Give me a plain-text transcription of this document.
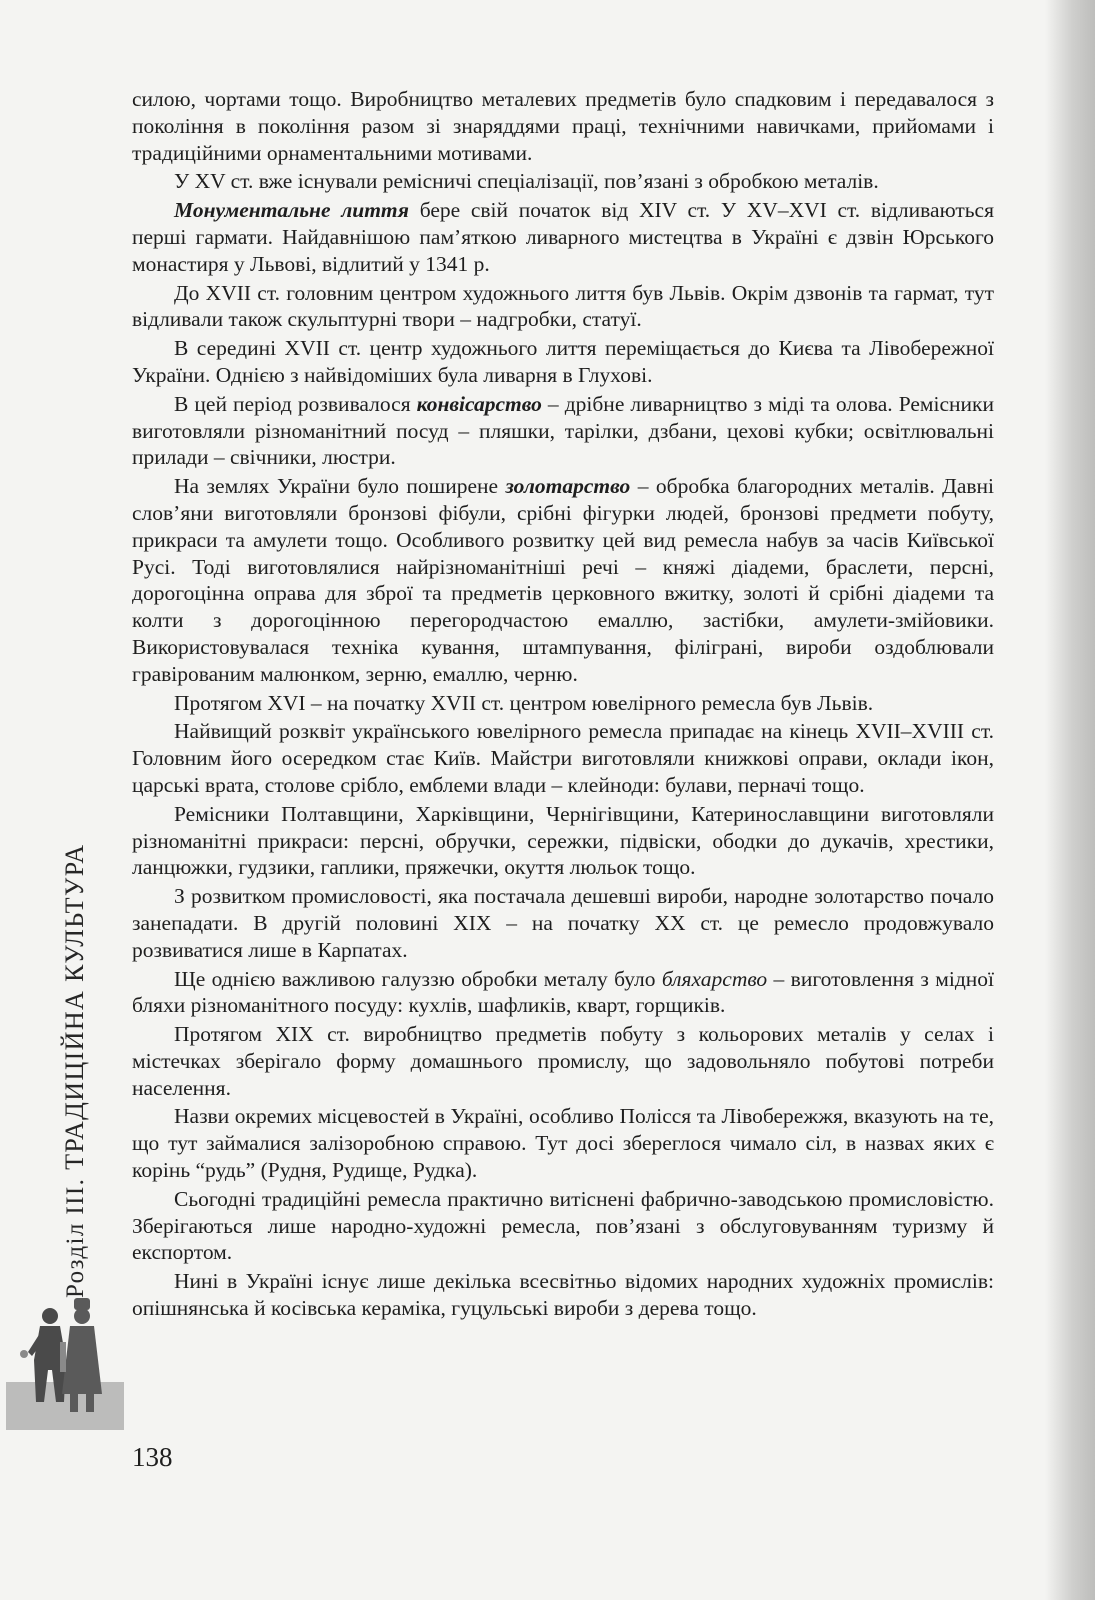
силою, чортами тощо. Виробництво металевих предметів було спадковим і передавалося з покоління в покоління разом зі знаряддями праці, технічними навичками, прийомами і традиційними орнаментальними мотивами.

У XV ст. вже існували ремісничі спеціалізації, пов’язані з обробкою металів.

Монументальне лиття бере свій початок від XIV ст. У XV–XVI ст. відливаються перші гармати. Найдавнішою пам’яткою ливарного мистецтва в Україні є дзвін Юрського монастиря у Львові, відлитий у 1341 р.

До XVII ст. головним центром художнього лиття був Львів. Окрім дзвонів та гармат, тут відливали також скульптурні твори – надгробки, статуї.

В середині XVII ст. центр художнього лиття переміщається до Києва та Лівобережної України. Однією з найвідоміших була ливарня в Глухові.

В цей період розвивалося конвісарство – дрібне ливарництво з міді та олова. Ремісники виготовляли різноманітний посуд – пляшки, тарілки, дзбани, цехові кубки; освітлювальні прилади – свічники, люстри.

На землях України було поширене золотарство – обробка благородних металів. Давні слов’яни виготовляли бронзові фібули, срібні фігурки людей, бронзові предмети побуту, прикраси та амулети тощо. Особливого розвитку цей вид ремесла набув за часів Київської Русі. Тоді виготовлялися найрізноманітніші речі – княжі діадеми, браслети, персні, дорогоцінна оправа для зброї та предметів церковного вжитку, золоті й срібні діадеми та колти з дорогоцінною перегородчастою емаллю, застібки, амулети-змійовики. Використовувалася техніка кування, штампування, філіграні, вироби оздоблювали гравірованим малюнком, зерню, емаллю, черню.

Протягом XVI – на початку XVII ст. центром ювелірного ремесла був Львів.

Найвищий розквіт українського ювелірного ремесла припадає на кінець XVII–XVIII ст. Головним його осередком стає Київ. Майстри виготовляли книжкові оправи, оклади ікон, царські врата, столове срібло, емблеми влади – клейноди: булави, перначі тощо.

Ремісники Полтавщини, Харківщини, Чернігівщини, Катеринославщини виготовляли різноманітні прикраси: персні, обручки, сережки, підвіски, ободки до дукачів, хрестики, ланцюжки, гудзики, гаплики, пряжечки, окуття люльок тощо.

З розвитком промисловості, яка постачала дешевші вироби, народне золотарство почало занепадати. В другій половині XIX – на початку XX ст. це ремесло продовжувало розвиватися лише в Карпатах.

Ще однією важливою галуззю обробки металу було бляхарство – виготовлення з мідної бляхи різноманітного посуду: кухлів, шафликів, кварт, горщиків.

Протягом XIX ст. виробництво предметів побуту з кольорових металів у селах і містечках зберігало форму домашнього промислу, що задовольняло побутові потреби населення.

Назви окремих місцевостей в Україні, особливо Полісся та Лівобережжя, вказують на те, що тут займалися залізоробною справою. Тут досі збереглося чимало сіл, в назвах яких є корінь “рудь” (Рудня, Рудище, Рудка).

Сьогодні традиційні ремесла практично витіснені фабрично-заводською промисловістю. Зберігаються лише народно-художні ремесла, пов’язані з обслуговуванням туризму й експортом.

Нині в Україні існує лише декілька всесвітньо відомих народних художніх промислів: опішнянська й косівська кераміка, гуцульські вироби з дерева тощо.

Розділ III. ТРАДИЦІЙНА КУЛЬТУРА
138
